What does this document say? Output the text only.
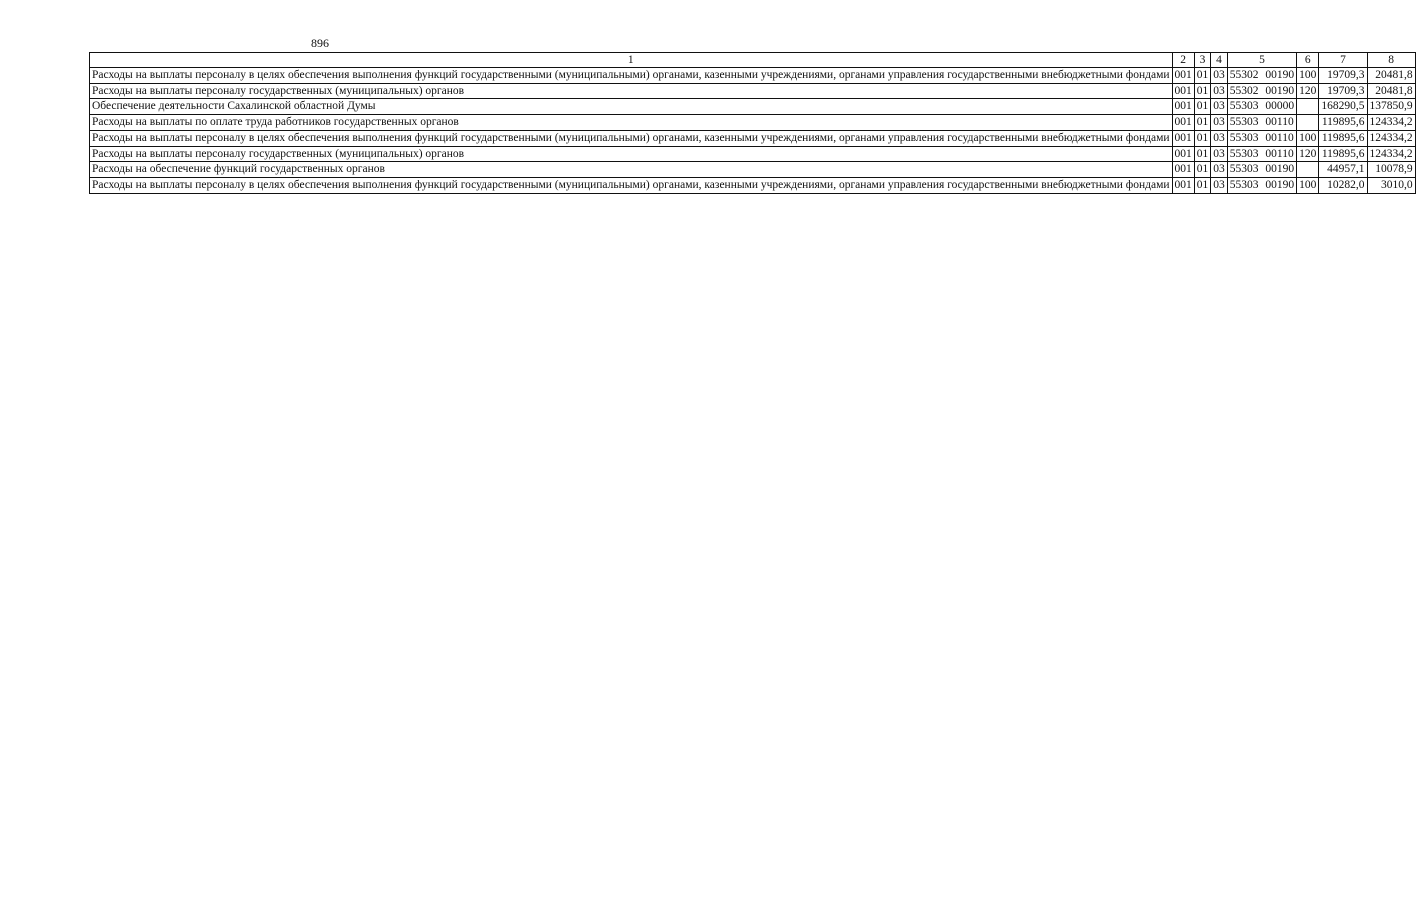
896
1	2	3	4	5	6	7	8
Расходы на выплаты персоналу в целях обеспечения выполнения функций государственными (муниципальными) органами, казенными учреждениями, органами управления государственными внебюджетными фондами	001	01	03	55302 00190	100	19709,3	20481,8
Расходы на выплаты персоналу государственных (муниципальных) органов	001	01	03	55302 00190	120	19709,3	20481,8
Обеспечение деятельности Сахалинской областной Думы	001	01	03	55303 00000		168290,5	137850,9
Расходы на выплаты по оплате труда работников государственных органов	001	01	03	55303 00110		119895,6	124334,2
Расходы на выплаты персоналу в целях обеспечения выполнения функций государственными (муниципальными) органами, казенными учреждениями, органами управления государственными внебюджетными фондами	001	01	03	55303 00110	100	119895,6	124334,2
Расходы на выплаты персоналу государственных (муниципальных) органов	001	01	03	55303 00110	120	119895,6	124334,2
Расходы на обеспечение функций государственных органов	001	01	03	55303 00190		44957,1	10078,9
Расходы на выплаты персоналу в целях обеспечения выполнения функций государственными (муниципальными) органами, казенными учреждениями, органами управления государственными внебюджетными фондами	001	01	03	55303 00190	100	10282,0	3010,0
